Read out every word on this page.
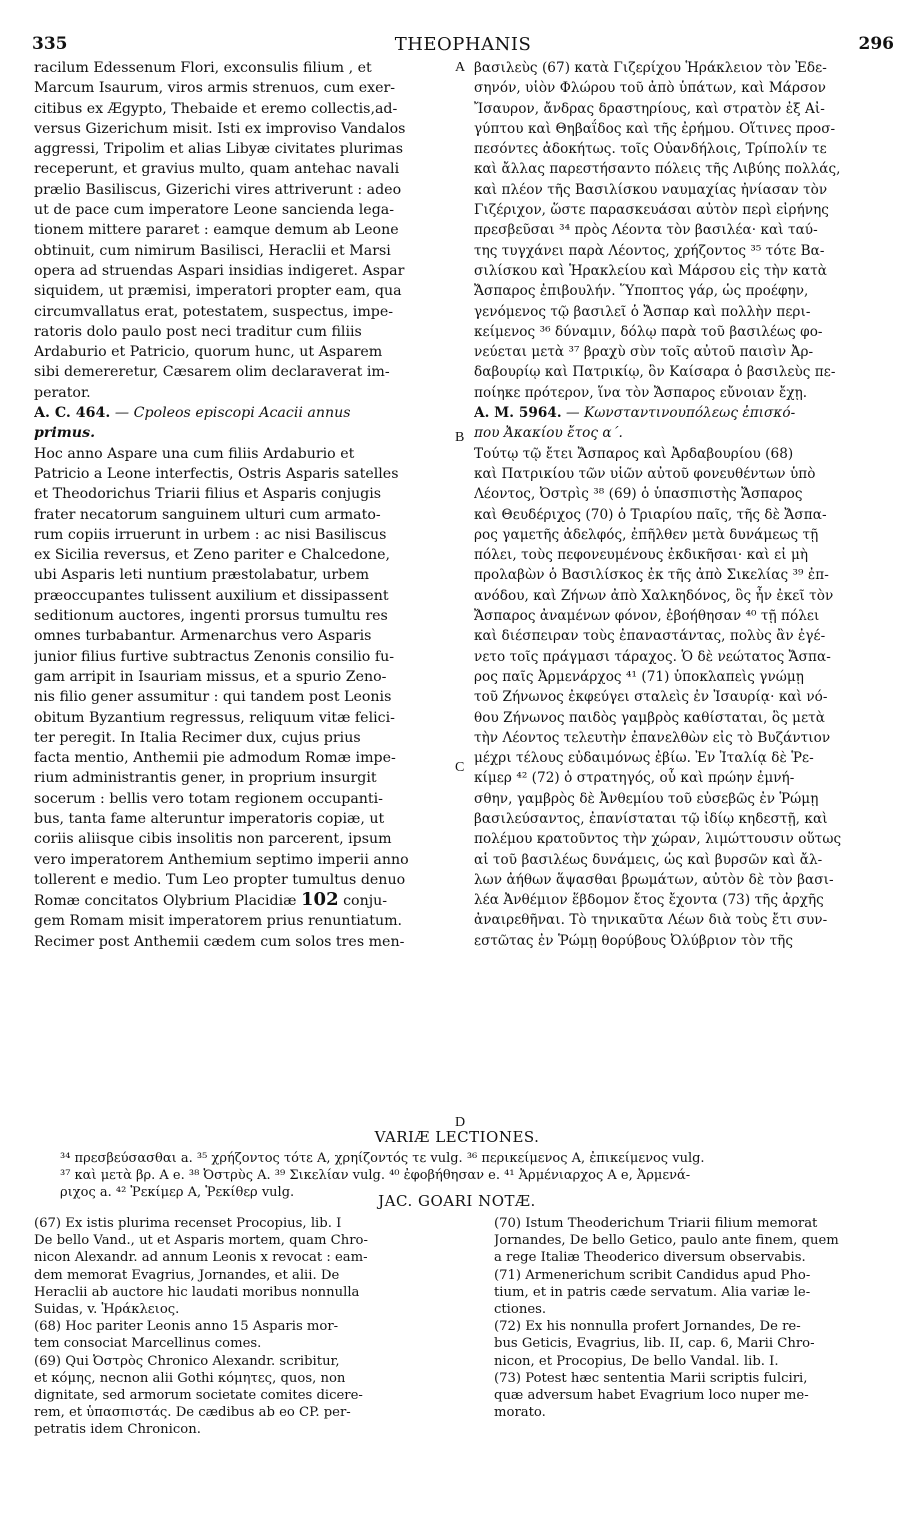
335	THEOPHANIS	296
A
B
C
D
racilum Edessenum Flori, exconsulis filium , et
Marcum Isaurum, viros armis strenuos, cum exer-
citibus ex Ægypto, Thebaide et eremo collectis,ad-
versus Gizerichum misit. Isti ex improviso Vandalos
aggressi, Tripolim et alias Libyæ civitates plurimas
receperunt, et gravius multo, quam antehac navali
prælio Basiliscus, Gizerichi vires attriverunt : adeo
ut de pace cum imperatore Leone sancienda lega-
tionem mittere pararet : eamque demum ab Leone
obtinuit, cum nimirum Basilisci, Heraclii et Marsi
opera ad struendas Aspari insidias indigeret. Aspar
siquidem, ut præmisi, imperatori propter eam, qua
circumvallatus erat, potestatem, suspectus, impe-
ratoris dolo paulo post neci traditur cum filiis
Ardaburio et Patricio, quorum hunc, ut Asparem
sibi demereretur, Cæsarem olim declaraverat im-
perator.
A. C. 464. — Cpoleos episcopi Acacii annus
primus.
Hoc anno Aspare una cum filiis Ardaburio et
Patricio a Leone interfectis, Ostris Asparis satelles
et Theodorichus Triarii filius et Asparis conjugis
frater necatorum sanguinem ulturi cum armato-
rum copiis irruerunt in urbem : ac nisi Basiliscus
ex Sicilia reversus, et Zeno pariter e Chalcedone,
ubi Asparis leti nuntium præstolabatur, urbem
præoccupantes tulissent auxilium et dissipassent
seditionum auctores, ingenti prorsus tumultu res
omnes turbabantur. Armenarchus vero Asparis
junior filius furtive subtractus Zenonis consilio fu-
gam arripit in Isauriam missus, et a spurio Zeno-
nis filio gener assumitur : qui tandem post Leonis
obitum Byzantium regressus, reliquum vitæ felici-
ter peregit. In Italia Recimer dux, cujus prius
facta mentio, Anthemii pie admodum Romæ impe-
rium administrantis gener, in proprium insurgit
socerum : bellis vero totam regionem occupanti-
bus, tanta fame alteruntur imperatoris copiæ, ut
coriis aliisque cibis insolitis non parcerent, ipsum
vero imperatorem Anthemium septimo imperii anno
tollerent e medio. Tum Leo propter tumultus denuo
Romæ concitatos Olybrium Placidiæ 102 conju-
gem Romam misit imperatorem prius renuntiatum.
Recimer post Anthemii cædem cum solos tres men-
βασιλεὺς (67) κατὰ Γιζερίχου Ἡράκλειον τὸν Ἐδε-
σηνόν, υἱὸν Φλώρου τοῦ ἀπὸ ὑπάτων, καὶ Μάρσον
Ἴσαυρον, ἄνδρας δραστηρίους, καὶ στρατὸν ἐξ Αἰ-
γύπτου καὶ Θηβαΐδος καὶ τῆς ἐρήμου. Οἵτινες προσ-
πεσόντες ἀδοκήτως. τοῖς Οὐανδήλοις, Τρίπολίν τε
καὶ ἄλλας παρεστήσαντο πόλεις τῆς Λιβύης πολλάς,
καὶ πλέον τῆς Βασιλίσκου ναυμαχίας ἠνίασαν τὸν
Γιζέριχον, ὥστε παρασκευάσαι αὐτὸν περὶ εἰρήνης
πρεσβεῦσαι ³⁴ πρὸς Λέοντα τὸν βασιλέα· καὶ ταύ-
της τυγχάνει παρὰ Λέοντος, χρήζοντος ³⁵ τότε Βα-
σιλίσκου καὶ Ἡρακλείου καὶ Μάρσου εἰς τὴν κατὰ
Ἄσπαρος ἐπιβουλήν. Ὕποπτος γάρ, ὡς προέφην,
γενόμενος τῷ βασιλεῖ ὁ Ἄσπαρ καὶ πολλὴν περι-
κείμενος ³⁶ δύναμιν, δόλῳ παρὰ τοῦ βασιλέως φο-
νεύεται μετὰ ³⁷ βραχὺ σὺν τοῖς αὐτοῦ παισὶν Ἀρ-
δαβουρίῳ καὶ Πατρικίῳ, ὃν Καίσαρα ὁ βασιλεὺς πε-
ποίηκε πρότερον, ἵνα τὸν Ἄσπαρος εὔνοιαν ἔχῃ.
A. M. 5964. — Κωνσταντινουπόλεως ἐπισκό-
που Ἀκακίου ἔτος α΄.
Τούτῳ τῷ ἔτει Ἄσπαρος καὶ Ἀρδαβουρίου (68)
καὶ Πατρικίου τῶν υἱῶν αὐτοῦ φονευθέντων ὑπὸ
Λέοντος, Ὀστρὶς ³⁸ (69) ὁ ὑπασπιστὴς Ἄσπαρος
καὶ Θευδέριχος (70) ὁ Τριαρίου παῖς, τῆς δὲ Ἄσπα-
ρος γαμετῆς ἀδελφός, ἐπῆλθεν μετὰ δυνάμεως τῇ
πόλει, τοὺς πεφονευμένους ἐκδικῆσαι· καὶ εἰ μὴ
προλαβὼν ὁ Βασιλίσκος ἐκ τῆς ἀπὸ Σικελίας ³⁹ ἐπ-
ανόδου, καὶ Ζήνων ἀπὸ Χαλκηδόνος, ὃς ἦν ἐκεῖ τὸν
Ἄσπαρος ἀναμένων φόνον, ἐβοήθησαν ⁴⁰ τῇ πόλει
καὶ διέσπειραν τοὺς ἐπαναστάντας, πολὺς ἂν ἐγέ-
νετο τοῖς πράγμασι τάραχος. Ὁ δὲ νεώτατος Ἄσπα-
ρος παῖς Ἀρμενάρχος ⁴¹ (71) ὑποκλαπεὶς γνώμῃ
τοῦ Ζήνωνος ἐκφεύγει σταλεὶς ἐν Ἰσαυρίᾳ· καὶ νό-
θου Ζήνωνος παιδὸς γαμβρὸς καθίσταται, ὃς μετὰ
τὴν Λέοντος τελευτὴν ἐπανελθὼν εἰς τὸ Βυζάντιον
μέχρι τέλους εὐδαιμόνως ἐβίω. Ἐν Ἰταλίᾳ δὲ Ῥε-
κίμερ ⁴² (72) ὁ στρατηγός, οὗ καὶ πρώην ἐμνή-
σθην, γαμβρὸς δὲ Ἀνθεμίου τοῦ εὐσεβῶς ἐν Ῥώμῃ
βασιλεύσαντος, ἐπανίσταται τῷ ἰδίῳ κηδεστῇ, καὶ
πολέμου κρατοῦντος τὴν χώραν, λιμώττουσιν οὕτως
αἱ τοῦ βασιλέως δυνάμεις, ὡς καὶ βυρσῶν καὶ ἄλ-
λων ἀήθων ἅψασθαι βρωμάτων, αὐτὸν δὲ τὸν βασι-
λέα Ἀνθέμιον ἕβδομον ἔτος ἔχοντα (73) τῆς ἀρχῆς
ἀναιρεθῆναι. Τὸ τηνικαῦτα Λέων διὰ τοὺς ἔτι συν-
εστῶτας ἐν Ῥώμῃ θορύβους Ὀλύβριον τὸν τῆς
VARIÆ LECTIONES.
³⁴ πρεσβεύσασθαι a. ³⁵ χρήζοντος τότε A, χρηίζοντός τε vulg. ³⁶ περικείμενος A, ἐπικείμενος vulg.
³⁷ καὶ μετὰ βρ. A e. ³⁸ Ὀστρὺς A. ³⁹ Σικελίαν vulg. ⁴⁰ ἐφοβήθησαν e. ⁴¹ Ἀρμένιαρχος A e, Ἀρμενά-
ριχος a. ⁴² Ῥεκίμερ A, Ῥεκίθερ vulg.	JAC. GOARI NOTÆ.
(67) Ex istis plurima recenset Procopius, lib. I
De bello Vand., ut et Asparis mortem, quam Chro-
nicon Alexandr. ad annum Leonis x revocat : eam-
dem memorat Evagrius, Jornandes, et alii. De
Heraclii ab auctore hic laudati moribus nonnulla
Suidas, v. Ἡράκλειος.
(68) Hoc pariter Leonis anno 15 Asparis mor-
tem consociat Marcellinus comes.
(69) Qui Ὀστρὸς Chronico Alexandr. scribitur,
et κόμης, necnon alii Gothi κόμητες, quos, non
dignitate, sed armorum societate comites dicere-
rem, et ὑπασπιστάς. De cædibus ab eo CP. per-
petratis idem Chronicon.
(70) Istum Theoderichum Triarii filium memorat
Jornandes, De bello Getico, paulo ante finem, quem
a rege Italiæ Theoderico diversum observabis.
(71) Armenerichum scribit Candidus apud Pho-
tium, et in patris cæde servatum. Alia variæ le-
ctiones.
(72) Ex his nonnulla profert Jornandes, De re-
bus Geticis, Evagrius, lib. II, cap. 6, Marii Chro-
nicon, et Procopius, De bello Vandal. lib. I.
(73) Potest hæc sententia Marii scriptis fulciri,
quæ adversum habet Evagrium loco nuper me-
morato.
